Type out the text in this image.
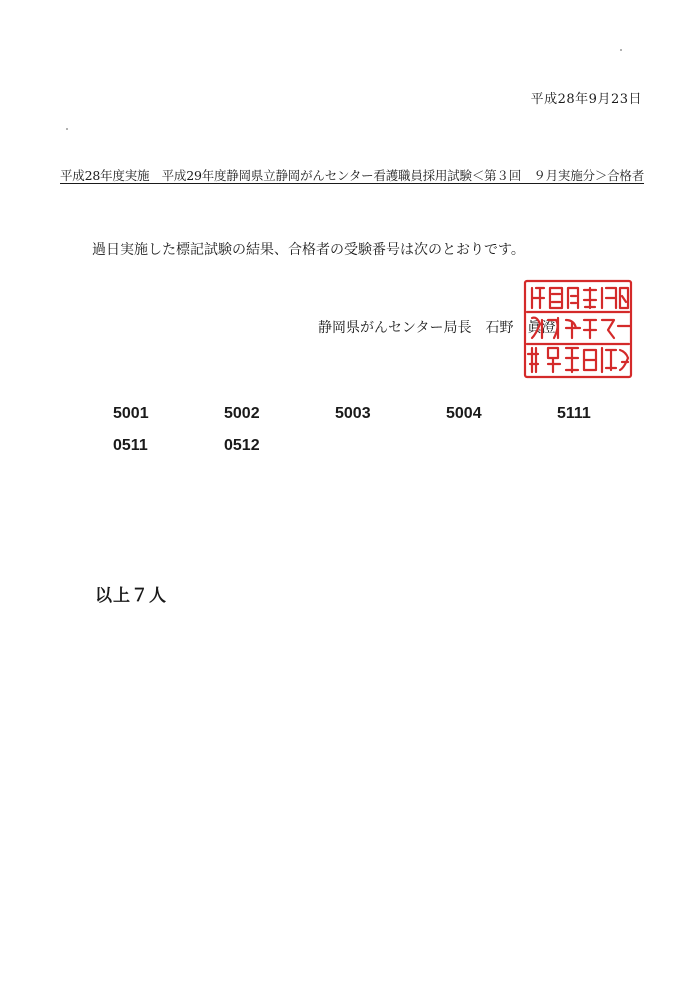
平成28年9月23日
平成28年度実施　平成29年度静岡県立静岡がんセンター看護職員採用試験＜第３回　９月実施分＞合格者
過日実施した標記試験の結果、合格者の受験番号は次のとおりです。
静岡県がんセンター局長　石野　眞澄
5001	5002	5003	5004	5111
0511	0512
以上７人
